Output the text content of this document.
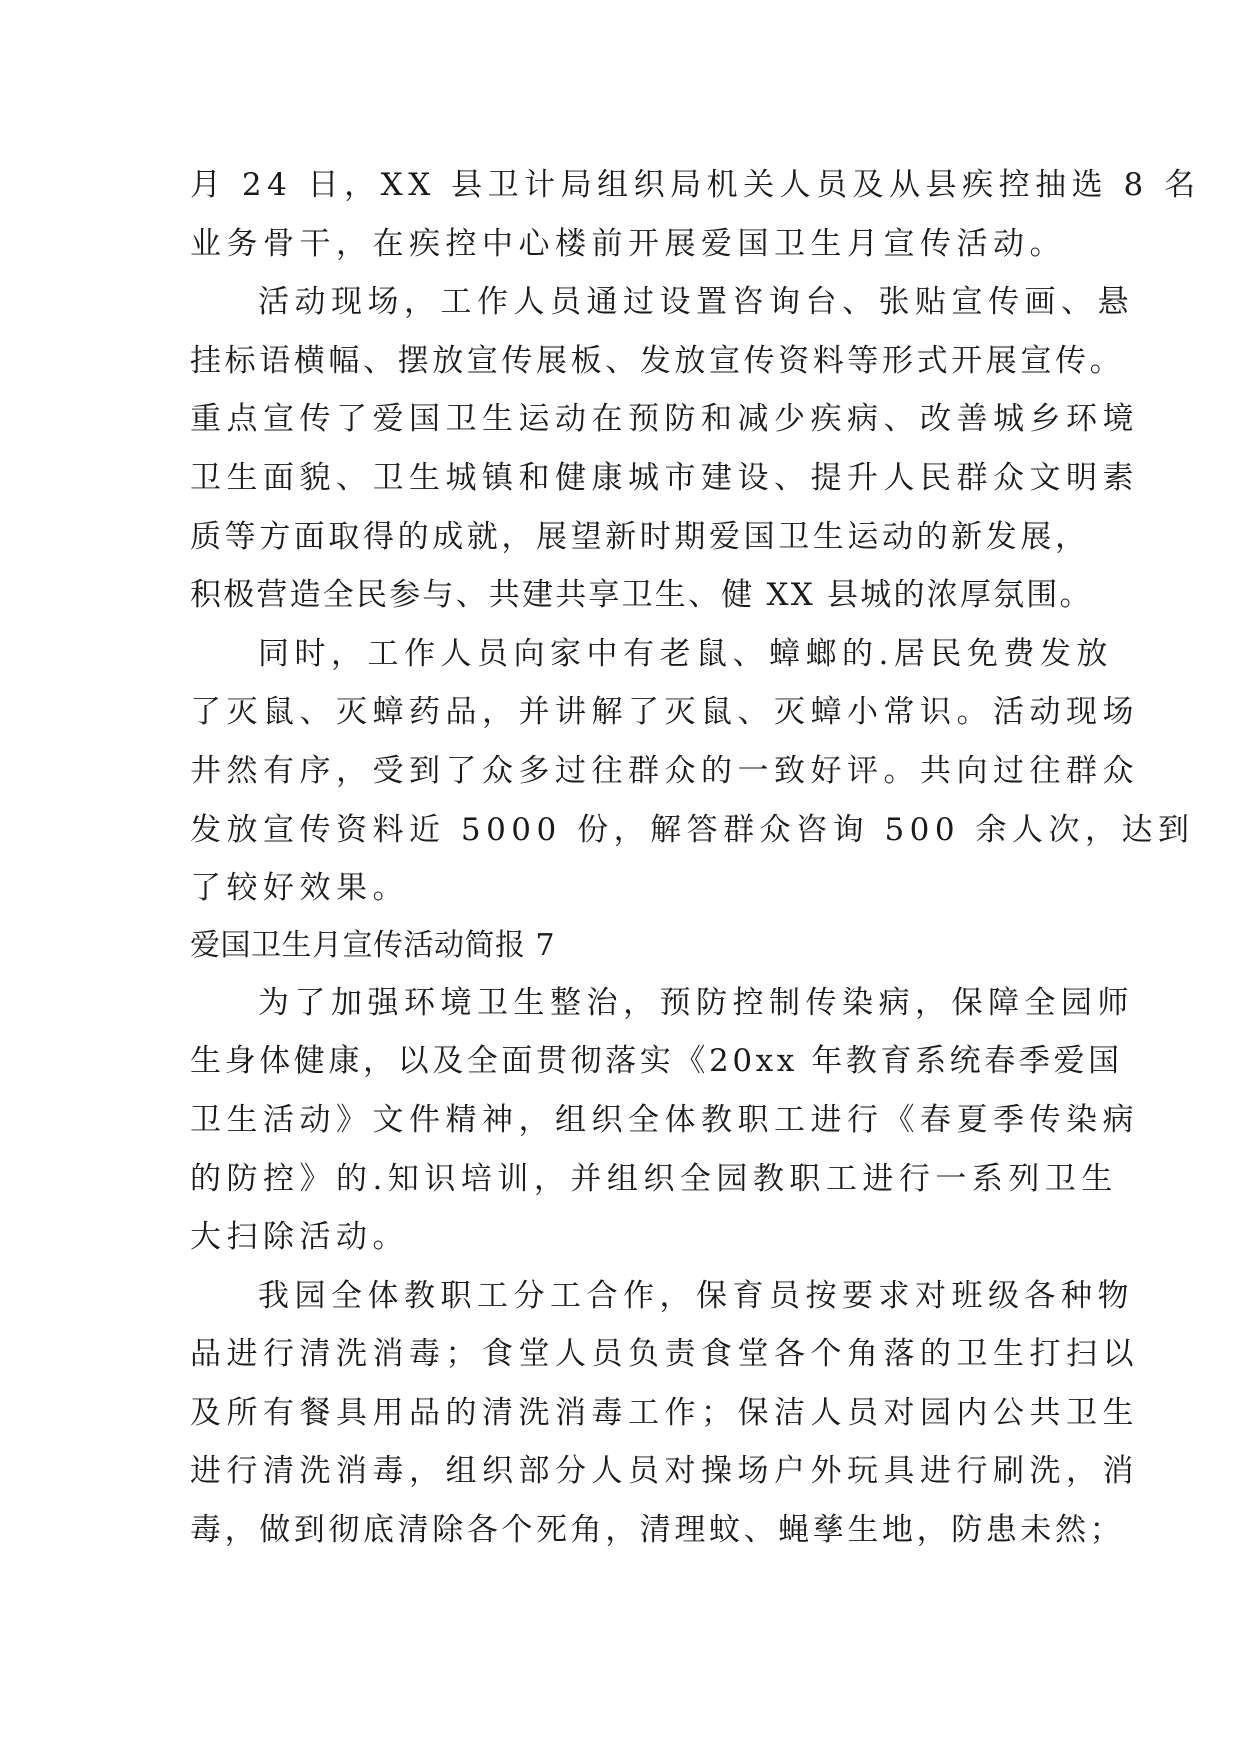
月 24 日，XX 县卫计局组织局机关人员及从县疾控抽选 8 名

业务骨干，在疾控中心楼前开展爱国卫生月宣传活动。

活动现场，工作人员通过设置咨询台、张贴宣传画、悬

挂标语横幅、摆放宣传展板、发放宣传资料等形式开展宣传。

重点宣传了爱国卫生运动在预防和减少疾病、改善城乡环境

卫生面貌、卫生城镇和健康城市建设、提升人民群众文明素

质等方面取得的成就，展望新时期爱国卫生运动的新发展，

积极营造全民参与、共建共享卫生、健 XX 县城的浓厚氛围。

同时，工作人员向家中有老鼠、蟑螂的.居民免费发放

了灭鼠、灭蟑药品，并讲解了灭鼠、灭蟑小常识。活动现场

井然有序，受到了众多过往群众的一致好评。共向过往群众

发放宣传资料近 5000 份，解答群众咨询 500 余人次，达到

了较好效果。

爱国卫生月宣传活动简报 7

为了加强环境卫生整治，预防控制传染病，保障全园师

生身体健康，以及全面贯彻落实《20xx 年教育系统春季爱国

卫生活动》文件精神，组织全体教职工进行《春夏季传染病

的防控》的.知识培训，并组织全园教职工进行一系列卫生

大扫除活动。

我园全体教职工分工合作，保育员按要求对班级各种物

品进行清洗消毒；食堂人员负责食堂各个角落的卫生打扫以

及所有餐具用品的清洗消毒工作；保洁人员对园内公共卫生

进行清洗消毒，组织部分人员对操场户外玩具进行刷洗，消

毒，做到彻底清除各个死角，清理蚊、蝇孳生地，防患未然；
